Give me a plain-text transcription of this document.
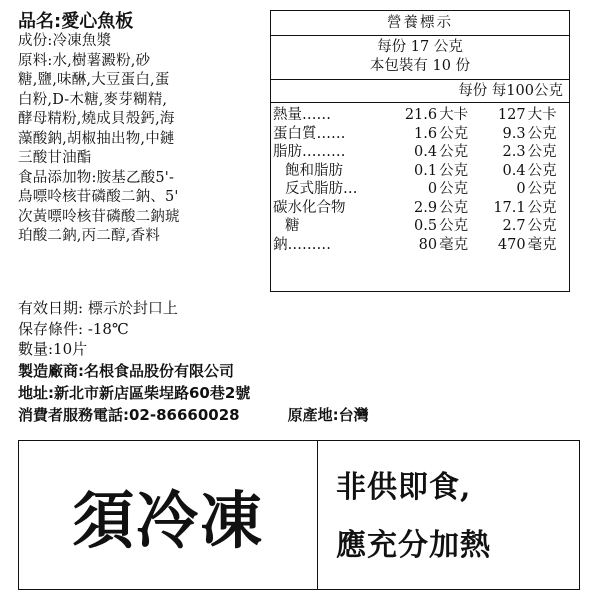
品名:愛心魚板
成份:冷凍魚漿
原料:水,樹薯澱粉,砂
糖,鹽,味醂,大豆蛋白,蛋
白粉,D-木糖,麥芽糊精,
酵母精粉,燒成貝殼鈣,海
藻酸鈉,胡椒抽出物,中鏈
三酸甘油酯
食品添加物:胺基乙酸5'-
鳥嘌呤核苷磷酸二鈉、5'
次黃嘌呤核苷磷酸二鈉琥
珀酸二鈉,丙二醇,香料
營養標示
每份 17 公克
本包裝有 10 份
每份 每100公克
熱量……	21.6	大卡	127	大卡
蛋白質……	1.6	公克	9.3	公克
脂肪………	0.4	公克	2.3	公克
飽和脂肪	0.1	公克	0.4	公克
反式脂肪…	0	公克	0	公克
碳水化合物	2.9	公克	17.1	公克
糖	0.5	公克	2.7	公克
鈉………	80	毫克	470	毫克
有效日期: 標示於封口上
保存條件: -18℃
數量:10片
製造廠商:名根食品股份有限公司
地址:新北市新店區柴埕路60巷2號
消費者服務電話:02-86660028	原產地:台灣
須冷凍 非供即食,
應充分加熱
